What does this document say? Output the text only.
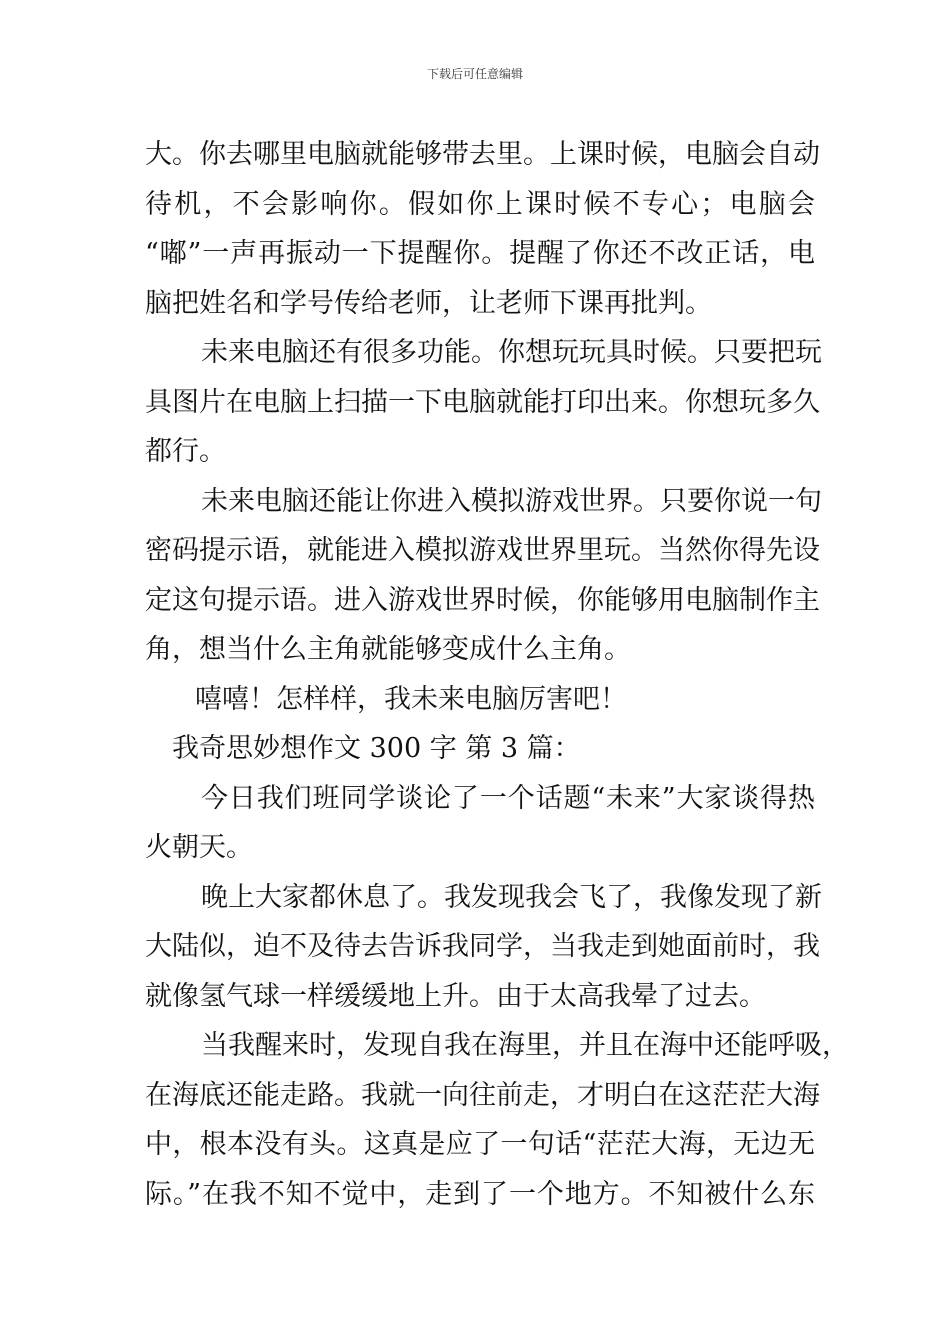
下载后可任意编辑
大。你去哪里电脑就能够带去里。上课时候，电脑会自动
待机，不会影响你。假如你上课时候不专心；电脑会
“嘟”一声再振动一下提醒你。提醒了你还不改正话，电
脑把姓名和学号传给老师，让老师下课再批判。
未来电脑还有很多功能。你想玩玩具时候。只要把玩
具图片在电脑上扫描一下电脑就能打印出来。你想玩多久
都行。
未来电脑还能让你进入模拟游戏世界。只要你说一句
密码提示语，就能进入模拟游戏世界里玩。当然你得先设
定这句提示语。进入游戏世界时候，你能够用电脑制作主
角，想当什么主角就能够变成什么主角。
嘻嘻！怎样样，我未来电脑厉害吧！
我奇思妙想作文 300 字 第 3 篇：
今日我们班同学谈论了一个话题“未来”大家谈得热
火朝天。
晚上大家都休息了。我发现我会飞了，我像发现了新
大陆似，迫不及待去告诉我同学，当我走到她面前时，我
就像氢气球一样缓缓地上升。由于太高我晕了过去。
当我醒来时，发现自我在海里，并且在海中还能呼吸，
在海底还能走路。我就一向往前走，才明白在这茫茫大海
中，根本没有头。这真是应了一句话“茫茫大海，无边无
际。”在我不知不觉中，走到了一个地方。不知被什么东
